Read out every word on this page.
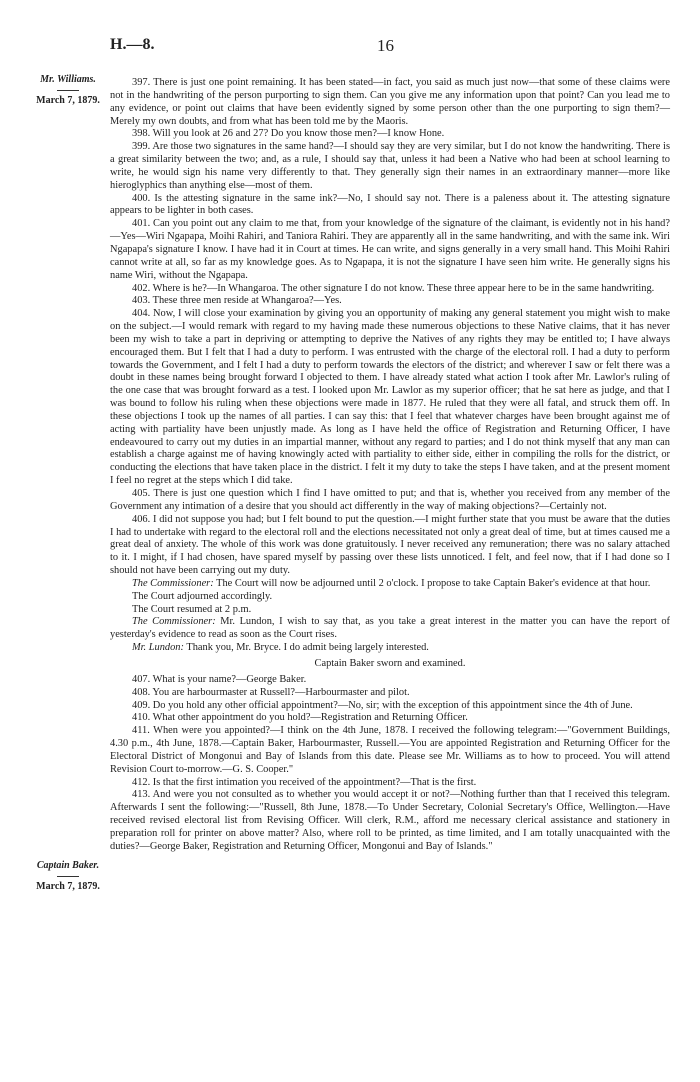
H.—8.	16
Mr. Williams.
March 7, 1879.
Captain Baker.
March 7, 1879.

397. There is just one point remaining. It has been stated—in fact, you said as much just now—that some of these claims were not in the handwriting of the person purporting to sign them. Can you give me any information upon that point? Can you lead me to any evidence, or point out claims that have been evidently signed by some person other than the one purporting to sign them?—Merely my own doubts, and from what has been told me by the Maoris.

398. Will you look at 26 and 27? Do you know those men?—I know Hone.

399. Are those two signatures in the same hand?—I should say they are very similar, but I do not know the handwriting. There is a great similarity between the two; and, as a rule, I should say that, unless it had been a Native who had been at school learning to write, he would sign his name very differently to that. They generally sign their names in an extraordinary manner—more like hieroglyphics than anything else—most of them.

400. Is the attesting signature in the same ink?—No, I should say not. There is a paleness about it. The attesting signature appears to be lighter in both cases.

401. Can you point out any claim to me that, from your knowledge of the signature of the claimant, is evidently not in his hand?—Yes—Wiri Ngapapa, Moihi Rahiri, and Taniora Rahiri. They are apparently all in the same handwriting, and with the same ink. Wiri Ngapapa's signature I know. I have had it in Court at times. He can write, and signs generally in a very small hand. This Moihi Rahiri cannot write at all, so far as my knowledge goes. As to Ngapapa, it is not the signature I have seen him write. He generally signs his name Wiri, without the Ngapapa.

402. Where is he?—In Whangaroa. The other signature I do not know. These three appear here to be in the same handwriting.

403. These three men reside at Whangaroa?—Yes.

404. Now, I will close your examination by giving you an opportunity of making any general statement you might wish to make on the subject.—I would remark with regard to my having made these numerous objections to these Native claims, that it has never been my wish to take a part in depriving or attempting to deprive the Natives of any rights they may be entitled to; I have always encouraged them. But I felt that I had a duty to perform. I was entrusted with the charge of the electoral roll. I had a duty to perform towards the Government, and I felt I had a duty to perform towards the electors of the district; and wherever I saw or felt there was a doubt in these names being brought forward I objected to them. I have already stated what action I took after Mr. Lawlor's ruling of the one case that was brought forward as a test. I looked upon Mr. Lawlor as my superior officer; that he sat here as judge, and that I was bound to follow his ruling when these objections were made in 1877. He ruled that they were all fatal, and struck them off. In these objections I took up the names of all parties. I can say this: that I feel that whatever charges have been brought against me of acting with partiality have been unjustly made. As long as I have held the office of Registration and Returning Officer, I have endeavoured to carry out my duties in an impartial manner, without any regard to parties; and I do not think myself that any man can establish a charge against me of having knowingly acted with partiality to either side, either in compiling the rolls for the district, or conducting the elections that have taken place in the district. I felt it my duty to take the steps I have taken, and at the present moment I feel no regret at the steps which I did take.

405. There is just one question which I find I have omitted to put; and that is, whether you received from any member of the Government any intimation of a desire that you should act differently in the way of making objections?—Certainly not.

406. I did not suppose you had; but I felt bound to put the question.—I might further state that you must be aware that the duties I had to undertake with regard to the electoral roll and the elections necessitated not only a great deal of time, but at times caused me a great deal of anxiety. The whole of this work was done gratuitously. I never received any remuneration; there was no salary attached to it. I might, if I had chosen, have spared myself by passing over these lists unnoticed. I felt, and feel now, that if I had done so I should not have been carrying out my duty.

The Commissioner: The Court will now be adjourned until 2 o'clock. I propose to take Captain Baker's evidence at that hour.

The Court adjourned accordingly.

The Court resumed at 2 p.m.

The Commissioner: Mr. Lundon, I wish to say that, as you take a great interest in the matter you can have the report of yesterday's evidence to read as soon as the Court rises.

Mr. Lundon: Thank you, Mr. Bryce. I do admit being largely interested.

Captain Baker sworn and examined.

407. What is your name?—George Baker.

408. You are harbourmaster at Russell?—Harbourmaster and pilot.

409. Do you hold any other official appointment?—No, sir; with the exception of this appointment since the 4th of June.

410. What other appointment do you hold?—Registration and Returning Officer.

411. When were you appointed?—I think on the 4th June, 1878. I received the following telegram:—"Government Buildings, 4.30 p.m., 4th June, 1878.—Captain Baker, Harbourmaster, Russell.—You are appointed Registration and Returning Officer for the Electoral District of Mongonui and Bay of Islands from this date. Please see Mr. Williams as to how to proceed. You will attend Revision Court to-morrow.—G. S. Cooper."

412. Is that the first intimation you received of the appointment?—That is the first.

413. And were you not consulted as to whether you would accept it or not?—Nothing further than that I received this telegram. Afterwards I sent the following:—"Russell, 8th June, 1878.—To Under Secretary, Colonial Secretary's Office, Wellington.—Have received revised electoral list from Revising Officer. Will clerk, R.M., afford me necessary clerical assistance and stationery in preparation roll for printer on above matter? Also, where roll to be printed, as time limited, and I am totally unacquainted with the duties?—George Baker, Registration and Returning Officer, Mongonui and Bay of Islands."
